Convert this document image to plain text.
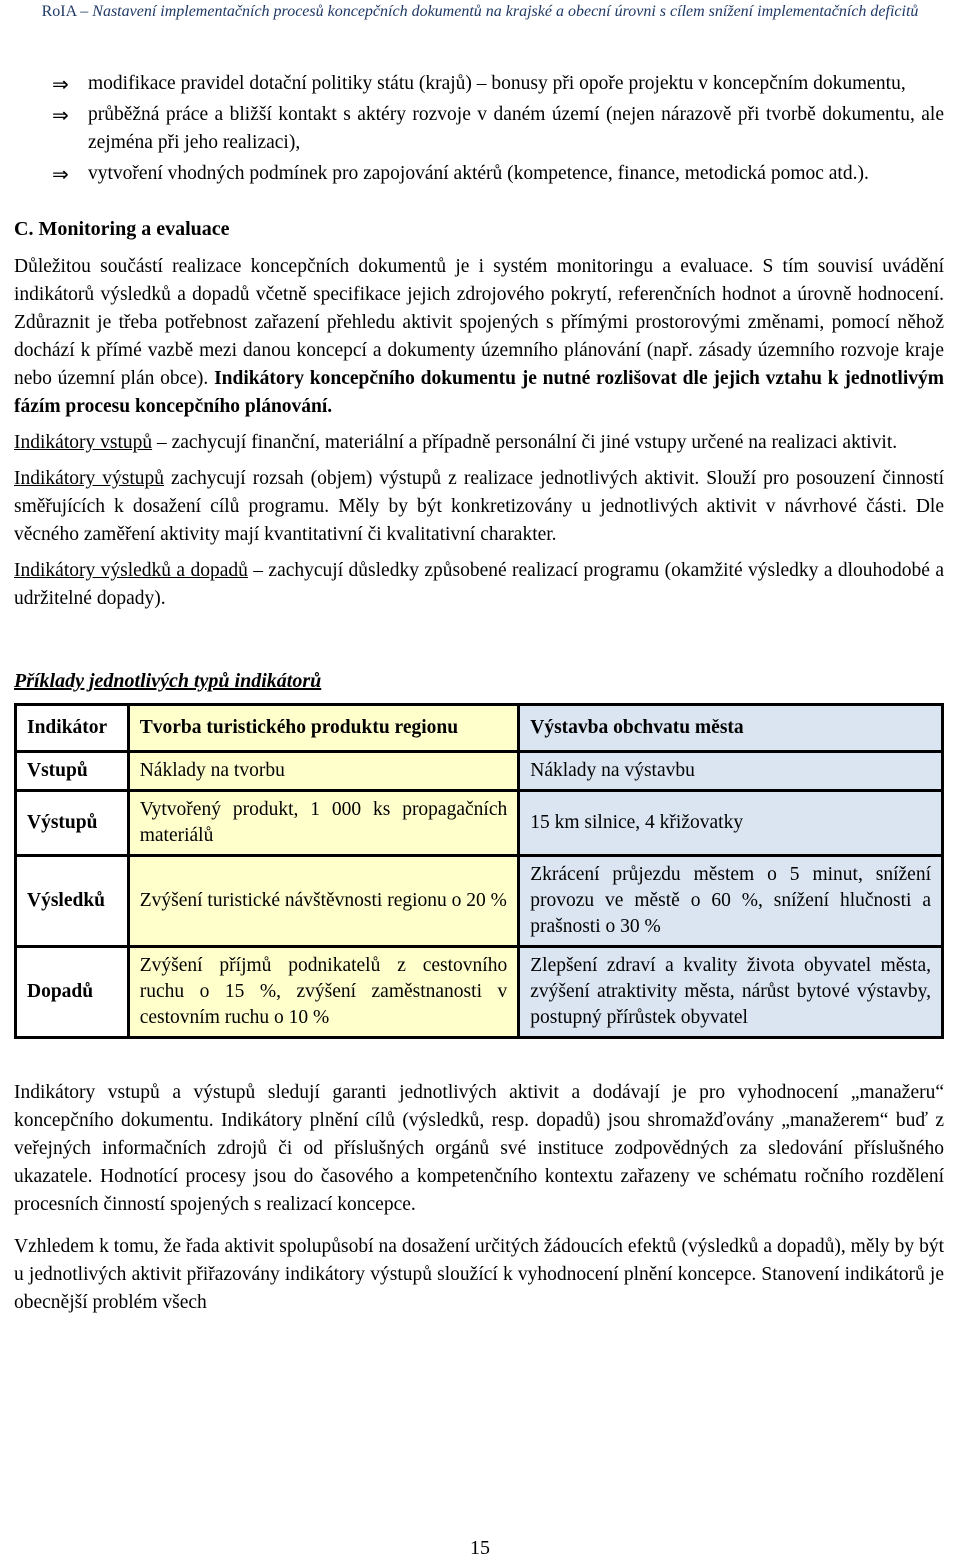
RoIA – Nastavení implementačních procesů koncepčních dokumentů na krajské a obecní úrovni s cílem snížení implementačních deficitů
⇒ modifikace pravidel dotační politiky státu (krajů) – bonusy při opoře projektu v koncepčním dokumentu,
⇒ průběžná práce a bližší kontakt s aktéry rozvoje v daném území (nejen nárazově při tvorbě dokumentu, ale zejména při jeho realizaci),
⇒ vytvoření vhodných podmínek pro zapojování aktérů (kompetence, finance, metodická pomoc atd.).
C. Monitoring a evaluace

Důležitou součástí realizace koncepčních dokumentů je i systém monitoringu a evaluace. S tím souvisí uvádění indikátorů výsledků a dopadů včetně specifikace jejich zdrojového pokrytí, referenčních hodnot a úrovně hodnocení. Zdůraznit je třeba potřebnost zařazení přehledu aktivit spojených s přímými prostorovými změnami, pomocí něhož dochází k přímé vazbě mezi danou koncepcí a dokumenty územního plánování (např. zásady územního rozvoje kraje nebo územní plán obce). Indikátory koncepčního dokumentu je nutné rozlišovat dle jejich vztahu k jednotlivým fázím procesu koncepčního plánování.

Indikátory vstupů – zachycují finanční, materiální a případně personální či jiné vstupy určené na realizaci aktivit.

Indikátory výstupů zachycují rozsah (objem) výstupů z realizace jednotlivých aktivit. Slouží pro posouzení činností směřujících k dosažení cílů programu. Měly by být konkretizovány u jednotlivých aktivit v návrhové části. Dle věcného zaměření aktivity mají kvantitativní či kvalitativní charakter.

Indikátory výsledků a dopadů – zachycují důsledky způsobené realizací programu (okamžité výsledky a dlouhodobé a udržitelné dopady).

Příklady jednotlivých typů indikátorů
Indikátor	Tvorba turistického produktu regionu	Výstavba obchvatu města
Vstupů	Náklady na tvorbu	Náklady na výstavbu
Výstupů	Vytvořený produkt, 1 000 ks propagačních materiálů	15 km silnice, 4 křižovatky
Výsledků	Zvýšení turistické návštěvnosti regionu o 20 %	Zkrácení průjezdu městem o 5 minut, snížení provozu ve městě o 60 %, snížení hlučnosti a prašnosti o 30 %
Dopadů	Zvýšení příjmů podnikatelů z cestovního ruchu o 15 %, zvýšení zaměstnanosti v cestovním ruchu o 10 %	Zlepšení zdraví a kvality života obyvatel města, zvýšení atraktivity města, nárůst bytové výstavby, postupný přírůstek obyvatel

Indikátory vstupů a výstupů sledují garanti jednotlivých aktivit a dodávají je pro vyhodnocení „manažeru“ koncepčního dokumentu. Indikátory plnění cílů (výsledků, resp. dopadů) jsou shromažďovány „manažerem“ buď z veřejných informačních zdrojů či od příslušných orgánů své instituce zodpovědných za sledování příslušného ukazatele. Hodnotící procesy jsou do časového a kompetenčního kontextu zařazeny ve schématu ročního rozdělení procesních činností spojených s realizací koncepce.

Vzhledem k tomu, že řada aktivit spolupůsobí na dosažení určitých žádoucích efektů (výsledků a dopadů), měly by být u jednotlivých aktivit přiřazovány indikátory výstupů sloužící k vyhodnocení plnění koncepce. Stanovení indikátorů je obecnější problém všech

15
